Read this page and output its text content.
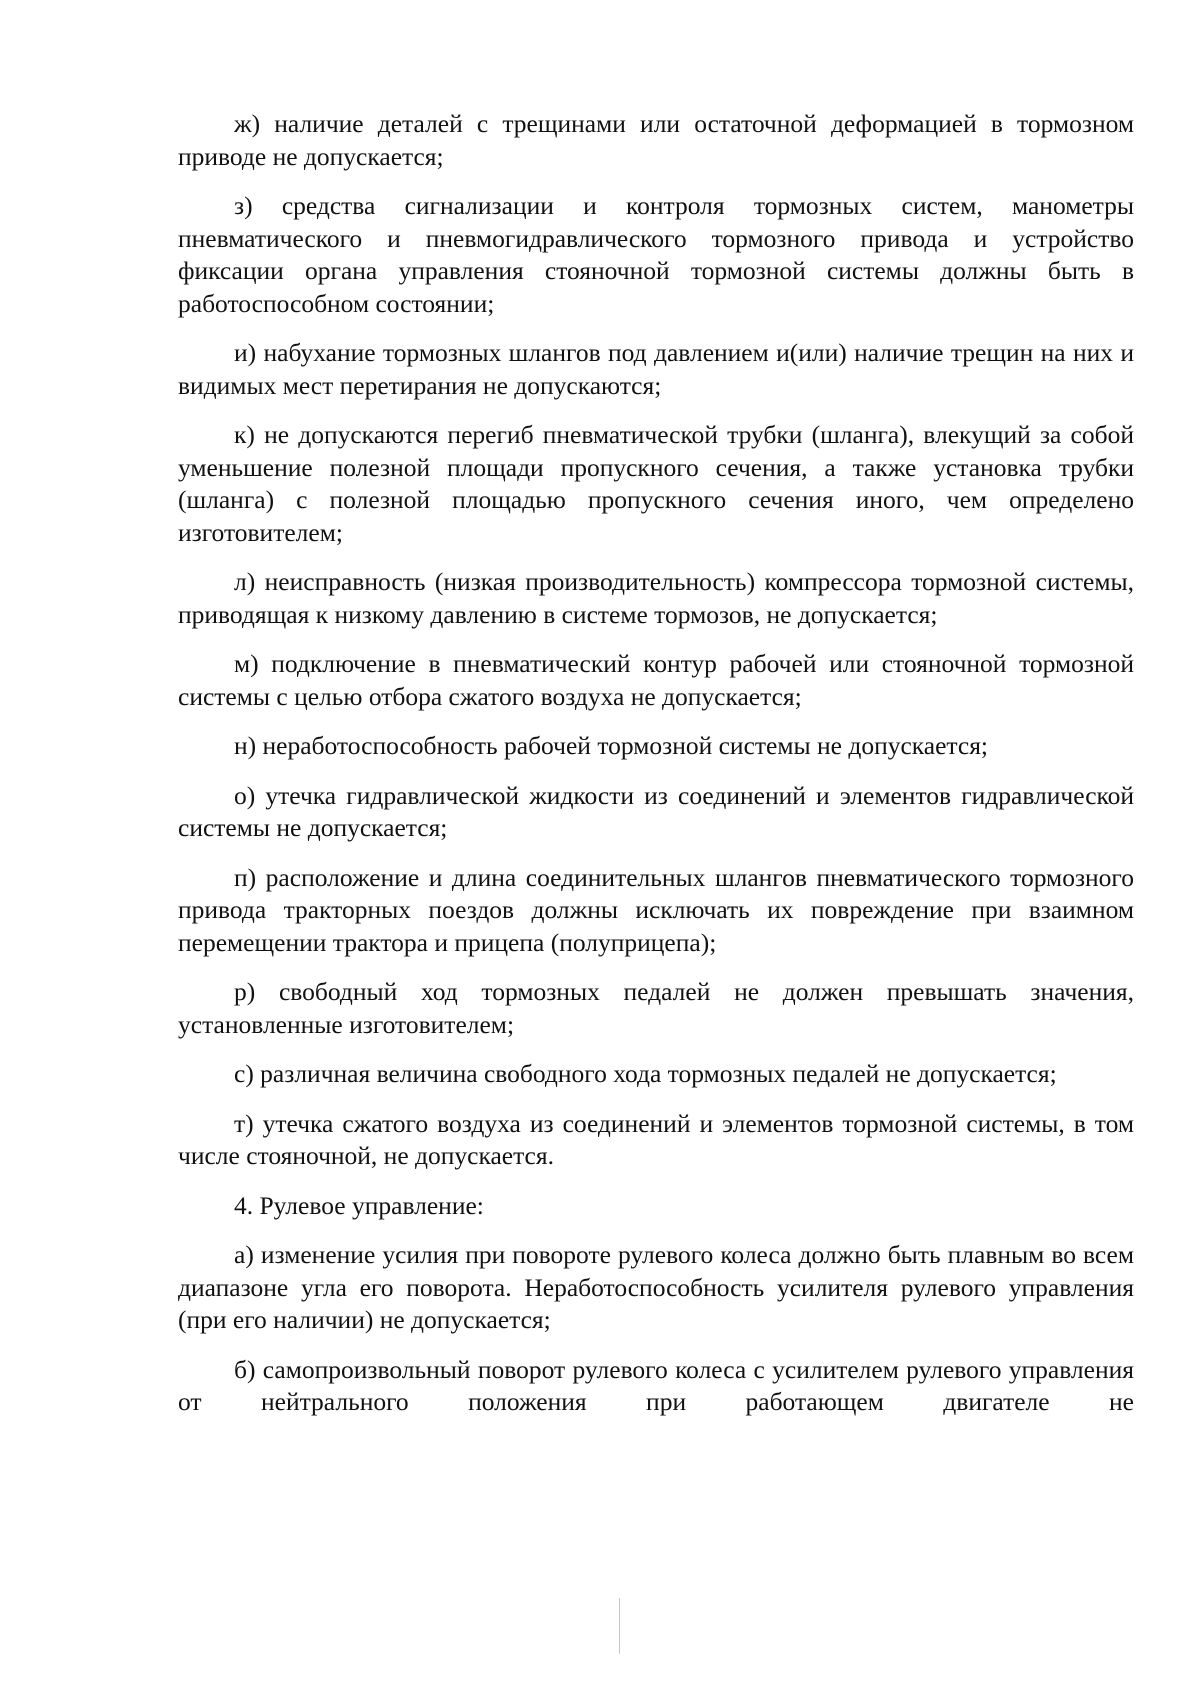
ж) наличие деталей с трещинами или остаточной деформацией в тормозном приводе не допускается;

з) средства сигнализации и контроля тормозных систем, манометры пневматического и пневмогидравлического тормозного привода и устройство фиксации органа управления стояночной тормозной системы должны быть в работоспособном состоянии;

и) набухание тормозных шлангов под давлением и(или) наличие трещин на них и видимых мест перетирания не допускаются;

к) не допускаются перегиб пневматической трубки (шланга), влекущий за собой уменьшение полезной площади пропускного сечения, а также установка трубки (шланга) с полезной площадью пропускного сечения иного, чем определено изготовителем;

л) неисправность (низкая производительность) компрессора тормозной системы, приводящая к низкому давлению в системе тормозов, не допускается;

м) подключение в пневматический контур рабочей или стояночной тормозной системы с целью отбора сжатого воздуха не допускается;

н) неработоспособность рабочей тормозной системы не допускается;

о) утечка гидравлической жидкости из соединений и элементов гидравлической системы не допускается;

п) расположение и длина соединительных шлангов пневматического тормозного привода тракторных поездов должны исключать их повреждение при взаимном перемещении трактора и прицепа (полуприцепа);

р) свободный ход тормозных педалей не должен превышать значения, установленные изготовителем;

с) различная величина свободного хода тормозных педалей не допускается;

т) утечка сжатого воздуха из соединений и элементов тормозной системы, в том числе стояночной, не допускается.

4. Рулевое управление:

а) изменение усилия при повороте рулевого колеса должно быть плавным во всем диапазоне угла его поворота. Неработоспособность усилителя рулевого управления (при его наличии) не допускается;

б) самопроизвольный поворот рулевого колеса с усилителем рулевого управления от нейтрального положения при работающем двигателе не
